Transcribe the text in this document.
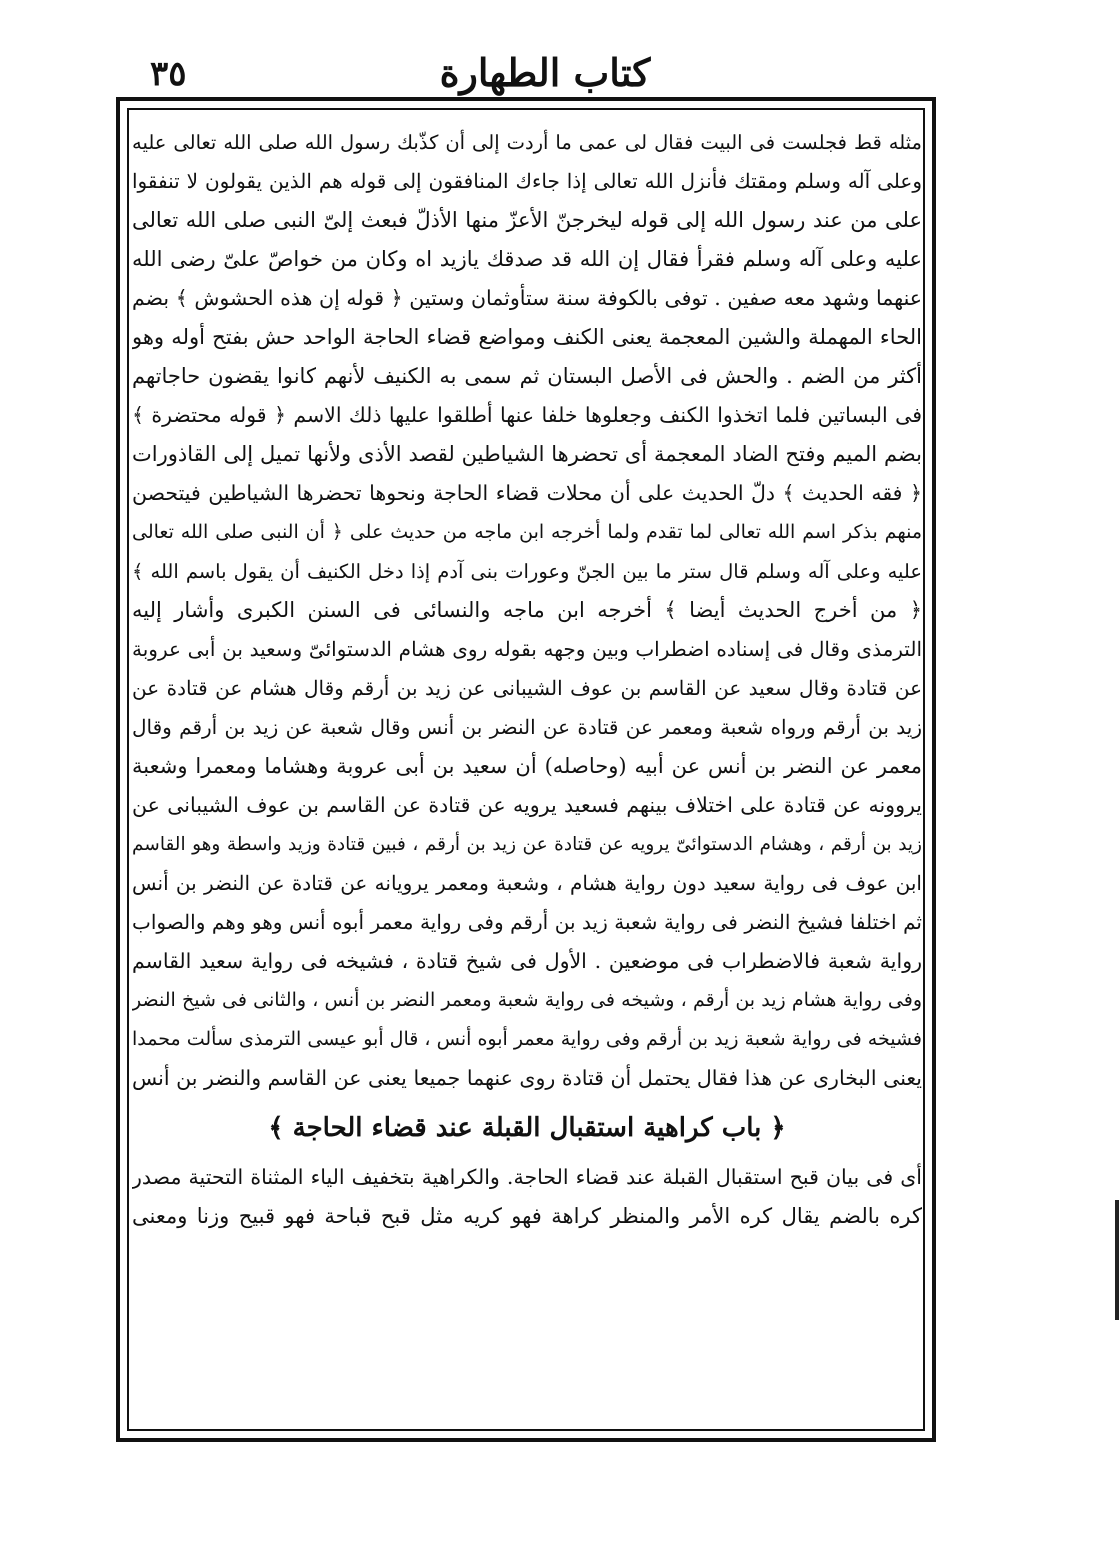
٣٥	كتاب الطهارة
مثله قط فجلست فى البيت فقال لى عمى ما أردت إلى أن كذّبك رسول الله صلى الله تعالى عليه
وعلى آله وسلم ومقتك فأنزل الله تعالى إذا جاءك المنافقون إلى قوله هم الذين يقولون لا تنفقوا
على من عند رسول الله إلى قوله ليخرجنّ الأعزّ منها الأذلّ فبعث إلىّ النبى صلى الله تعالى
عليه وعلى آله وسلم فقرأ فقال إن الله قد صدقك يازيد اه وكان من خواصّ علىّ رضى الله
عنهما وشهد معه صفين . توفى بالكوفة سنة ستأوثمان وستين ﴿ قوله إن هذه الحشوش ﴾ بضم
الحاء المهملة والشين المعجمة يعنى الكنف ومواضع قضاء الحاجة الواحد حش بفتح أوله وهو
أكثر من الضم . والحش فى الأصل البستان ثم سمى به الكنيف لأنهم كانوا يقضون حاجاتهم
فى البساتين فلما اتخذوا الكنف وجعلوها خلفا عنها أطلقوا عليها ذلك الاسم ﴿ قوله محتضرة ﴾
بضم الميم وفتح الضاد المعجمة أى تحضرها الشياطين لقصد الأذى ولأنها تميل إلى القاذورات
﴿ فقه الحديث ﴾ دلّ الحديث على أن محلات قضاء الحاجة ونحوها تحضرها الشياطين فيتحصن
منهم بذكر اسم الله تعالى لما تقدم ولما أخرجه ابن ماجه من حديث على ﴿ أن النبى صلى الله تعالى
عليه وعلى آله وسلم قال ستر ما بين الجنّ وعورات بنى آدم إذا دخل الكنيف أن يقول باسم الله ﴾
﴿ من أخرج الحديث أيضا ﴾ أخرجه ابن ماجه والنسائى فى السنن الكبرى وأشار إليه
الترمذى وقال فى إسناده اضطراب وبين وجهه بقوله روى هشام الدستوائىّ وسعيد بن أبى عروبة
عن قتادة وقال سعيد عن القاسم بن عوف الشيبانى عن زيد بن أرقم وقال هشام عن قتادة عن
زيد بن أرقم ورواه شعبة ومعمر عن قتادة عن النضر بن أنس وقال شعبة عن زيد بن أرقم وقال
معمر عن النضر بن أنس عن أبيه (وحاصله) أن سعيد بن أبى عروبة وهشاما ومعمرا وشعبة
يروونه عن قتادة على اختلاف بينهم فسعيد يرويه عن قتادة عن القاسم بن عوف الشيبانى عن
زيد بن أرقم ، وهشام الدستوائىّ يرويه عن قتادة عن زيد بن أرقم ، فبين قتادة وزيد واسطة وهو القاسم
ابن عوف فى رواية سعيد دون رواية هشام ، وشعبة ومعمر يرويانه عن قتادة عن النضر بن أنس
ثم اختلفا فشيخ النضر فى رواية شعبة زيد بن أرقم وفى رواية معمر أبوه أنس وهو وهم والصواب
رواية شعبة فالاضطراب فى موضعين . الأول فى شيخ قتادة ، فشيخه فى رواية سعيد القاسم
وفى رواية هشام زيد بن أرقم ، وشيخه فى رواية شعبة ومعمر النضر بن أنس ، والثانى فى شيخ النضر
فشيخه فى رواية شعبة زيد بن أرقم وفى رواية معمر أبوه أنس ، قال أبو عيسى الترمذى سألت محمدا
يعنى البخارى عن هذا فقال يحتمل أن قتادة روى عنهما جميعا يعنى عن القاسم والنضر بن أنس
﴿ باب كراهية استقبال القبلة عند قضاء الحاجة ﴾
أى فى بيان قبح استقبال القبلة عند قضاء الحاجة. والكراهية بتخفيف الياء المثناة التحتية مصدر
كره بالضم يقال كره الأمر والمنظر كراهة فهو كريه مثل قبح قباحة فهو قبيح وزنا ومعنى
